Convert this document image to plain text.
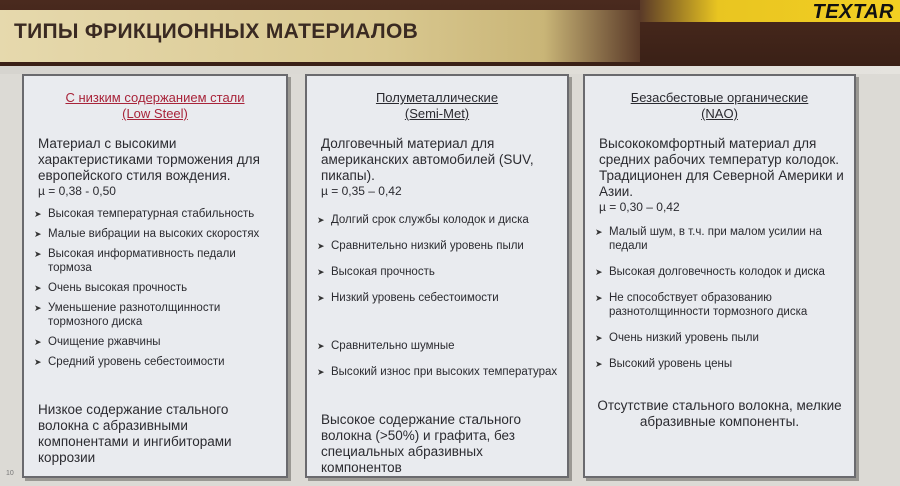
ТИПЫ ФРИКЦИОННЫХ МАТЕРИАЛОВ
TEXTAR
С низким содержанием стали
(Low Steel)
Материал с высокими характеристиками торможения для европейского стиля вождения.
µ = 0,38 - 0,50
➤ Высокая температурная стабильность
➤ Малые вибрации на высоких скоростях
➤ Высокая информативность педали тормоза
➤ Очень высокая прочность
➤ Уменьшение разнотолщинности тормозного диска
➤ Очищение ржавчины
➤ Средний уровень себестоимости
Низкое содержание стального волокна с абразивными компонентами и ингибиторами коррозии
Полуметаллические
(Semi-Met)
Долговечный материал для американских автомобилей (SUV, пикапы).
µ = 0,35 – 0,42
➤ Долгий срок службы колодок и диска
➤ Сравнительно низкий уровень пыли
➤ Высокая прочность
➤ Низкий уровень себестоимости
➤ Сравнительно шумные
➤ Высокий износ при высоких температурах
Высокое содержание стального волокна (>50%) и графита, без специальных абразивных компонентов
Безасбестовые органические
(NAO)
Высококомфортный материал для средних рабочих температур колодок. Традиционен для Северной Америки и Азии.
µ = 0,30 – 0,42
➤ Малый шум, в т.ч. при малом усилии на педали
➤ Высокая долговечность колодок и диска
➤ Не способствует образованию разнотолщинности тормозного диска
➤ Очень низкий уровень пыли
➤ Высокий уровень цены
Отсутствие стального волокна, мелкие абразивные компоненты.
10
